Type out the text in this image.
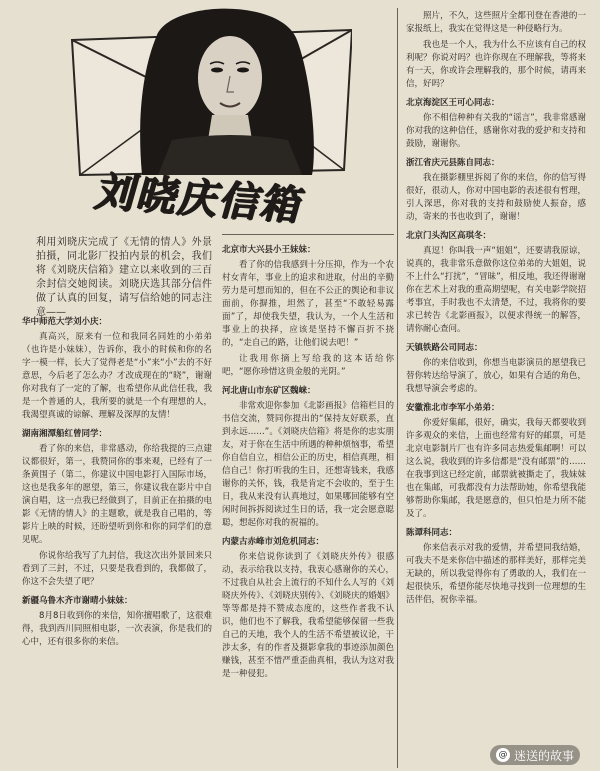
刘晓庆信箱
利用刘晓庆完成了《无情的情人》外景拍摄，同北影厂投拍内景的机会，我们将《刘晓庆信箱》建立以来收到的三百余封信交她阅读。刘晓庆选其部分信件做了认真的回复，请写信给她的同志注意——
华中师范大学刘小庆：
真高兴，原来有一位和我同名同姓的小弟弟（也许是小妹妹），告诉你，我小的时候和你的名字一模一样，长大了觉得老是“小”来“小”去的不好意思，今后老了怎么办？才改成现在的“晓”，谢谢你对我有了一定的了解，也希望你从此信任我，我是一个普通的人，我所要的就是一个有理想的人，我渴望真诚的谅解、理解及深厚的友情！
湖南湘潭船红曾同学：
看了你的来信，非常感动，你给我提的三点建议都很好，第一，我赞同你的事来观，已经有了一条黄围子（第二，你建议中国电影打入国际市场，这也是我多年的愿望，第三，你建议我在影片中自演自唱，这一点我已经做到了，目前正在拍摄的电影《无情的情人》的主题歌，就是我自己唱的，等影片上映的时候，还盼望听到你和你的同学们的意见呢。
你说你给我写了九封信，我这次出外景回来只看到了三封，不过，只要是我看到的，我都做了，你这不会失望了吧？
新疆乌鲁木齐市谢晴小妹妹：
8月8日收到你的来信，知你擅唱歌了，这很难得，我到西川同照相电影，一次表演，你是我们的心中，还有很多你的来信。
北京市大兴县小王妹妹：
看了你的信我感到十分压抑，作为一个农村女青年，事业上的追求和进取，付出的辛勤劳力是可想而知的，但在不公正的舆论和非议面前，你摒推，坦然了，甚至“不敢轻易露面”了，却使我失望，我认为，一个人生活和事业上的抉择，应该是坚持不懈百折不挠的，“走自己的路，让他们说去吧！”
让我用你摘上写给我的这本话给你吧，“愿你珍惜这贵金般的光阴。”
河北唐山市东矿区魏崃：
非常欢迎你参加《北影画报》信箱栏目的书信交流，赞同你提出的“保持友好联系，直到永远……”。《刘晓庆信箱》将是你的忠实朋友，对于你在生活中所遇的种种烦恼事，希望你自信自立，相信公正的历史，相信真理，相信自己！你打听我的生日，还想寄钱来，我感谢你的关怀，钱，我是肯定不会收的，至于生日，我从来没有认真地过，如果哪回能够有空闲时间拆拆阅读过生日的话，我一定会愿意聪聪，想起你对我的祝福的。
内蒙古赤峰市刘危机同志：
你来信说你读到了《刘晓庆外传》很感动，表示给我以支持，我衷心感谢你的关心，不过我自从社会上流行的不知什么人写的《刘晓庆外传》、《刘晓庆别传》、《刘晓庆的婚姻》等等都是持不赞成态度的，这些作者我不认识，他们也不了解我，我希望能够保留一些我自己的天地，我个人的生活不希望被议论，干涉太多，有的作者及摄影拿我的事迹添加颜色赚钱，甚至不惜严重歪曲真相，我认为这对我是一种侵犯。
照片，不久，这些照片全都刊登在香港的一家报纸上，我实在觉得这是一种侵略行为。
我也是一个人，我为什么不应该有自己的权利呢？你说对吗？也许你现在不理解我，等将来有一天，你或许会理解我的，那个时候，请再来信，好吗？
北京海淀区王可心同志：
你不相信种种有关我的“谣言”，我非常感谢你对我的这种信任，感谢你对我的爱护和支持和鼓励，谢谢你。
浙江省庆元县陈自同志：
我在摄影棚里拆阅了你的来信，你的信写得很好，很动人，你对中国电影的表述很有哲理，引人深思，你对我的支持和鼓励使人振奋，感动，寄来的书也收到了，谢谢！
北京门头沟区高琪冬：
真逗！你叫我一声“姐姐”，还要请我原谅，说真的，我非常乐意做你这位弟弟的大姐姐，说不上什么“打扰”，“冒昧”，相反地，我还得谢谢你在艺术上对我的重高期望呢，有关电影学院招考事宜，手时我也不太清楚，不过，我将你的要求已转告《北影画报》，以便求得统一的解答，请你耐心查问。
天镇铁路公司同志：
你的来信收到，你想当电影演员的愿望我已替你转达给导演了，放心，如果有合适的角色，我想导演会考虑的。
安徽淮北市李军小弟弟：
你爱好集邮，很好，确实，我每天都要收到许多观众的来信，上面也经常有好的邮票，可是北京电影制片厂也有许多同志热爱集邮啊！可以这么说，我收到的许多信都是“没有邮票”的……在我事到这已经定前，邮票就被撕走了，我妹妹也在集邮，可我都没有力法帮助她，你希望我能够帮助你集邮，我是愿意的，但只怕是力所不能及了。
陈谭科同志：
你来信表示对我的爱情，并希望同我结婚，可我夫不是来你信中描述的那样美好，那样完美无缺的，所以我觉得你有了勇敢的人，我们在一起很快乐，希望你能尽快地寻找到一位理想的生活伴侣，祝你幸福。
@ 迷送的故事
